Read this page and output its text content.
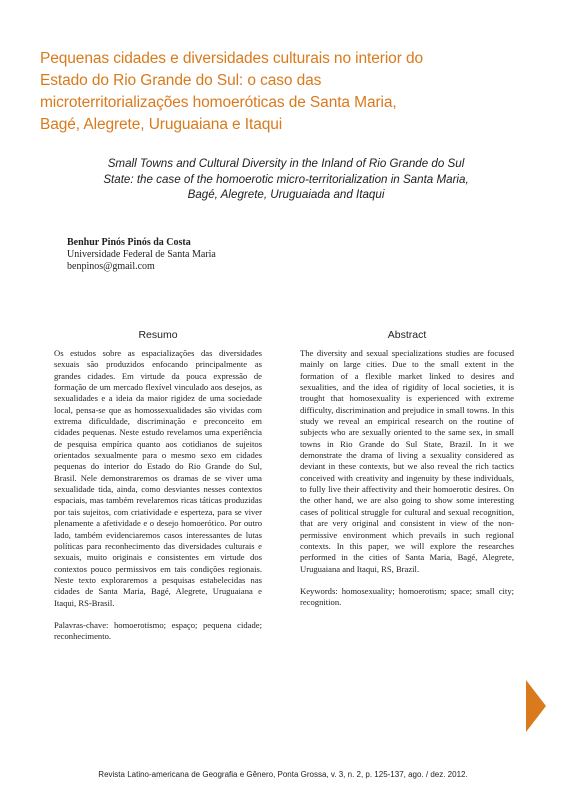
Pequenas cidades e diversidades culturais no interior do
Estado do Rio Grande do Sul: o caso das
microterritorializações homoeróticas de Santa Maria,
Bagé, Alegrete, Uruguaiana e Itaqui
Small Towns and Cultural Diversity in the Inland of Rio Grande do Sul
State: the case of the homoerotic micro-territorialization in Santa Maria,
Bagé, Alegrete, Uruguaiada and Itaqui
Benhur Pinós Pinós da Costa
Universidade Federal de Santa Maria
benpinos@gmail.com
Resumo

Os estudos sobre as espacializações das diversidades sexuais são produzidos enfocando principalmente as grandes cidades. Em virtude da pouca expressão de formação de um mercado flexível vinculado aos desejos, as sexualidades e a ideia da maior rigidez de uma sociedade local, pensa-se que as homossexualidades são vividas com extrema dificuldade, discriminação e preconceito em cidades pequenas. Neste estudo revelamos uma experiência de pesquisa empírica quanto aos cotidianos de sujeitos orientados sexualmente para o mesmo sexo em cidades pequenas do interior do Estado do Rio Grande do Sul, Brasil. Nele demonstraremos os dramas de se viver uma sexualidade tida, ainda, como desviantes nesses contextos espaciais, mas também revelaremos ricas táticas produzidas por tais sujeitos, com criatividade e esperteza, para se viver plenamente a afetividade e o desejo homoerótico. Por outro lado, também evidenciaremos casos interessantes de lutas políticas para reconhecimento das diversidades culturais e sexuais, muito originais e consistentes em virtude dos contextos pouco permissivos em tais condições regionais. Neste texto exploraremos a pesquisas estabelecidas nas cidades de Santa Maria, Bagé, Alegrete, Uruguaiana e Itaqui, RS-Brasil.

Palavras-chave: homoerotismo; espaço; pequena cidade; reconhecimento.

Abstract

The diversity and sexual specializations studies are focused mainly on large cities. Due to the small extent in the formation of a flexible market linked to desires and sexualities, and the idea of rigidity of local societies, it is trought that homosexuality is experienced with extreme difficulty, discrimination and prejudice in small towns. In this study we reveal an empirical research on the routine of subjects who are sexually oriented to the same sex, in small towns in Rio Grande do Sul State, Brazil. In it we demonstrate the drama of living a sexuality considered as deviant in these contexts, but we also reveal the rich tactics conceived with creativity and ingenuity by these individuals, to fully live their affectivity and their homoerotic desires. On the other hand, we are also going to show some interesting cases of political struggle for cultural and sexual recognition, that are very original and consistent in view of the non-permissive environment which prevails in such regional contexts. In this paper, we will explore the researches performed in the cities of Santa Maria, Bagé, Alegrete, Uruguaiana and Itaqui, RS, Brazil.

Keywords: homosexuality; homoerotism; space; small city; recognition.

Revista Latino-americana de Geografia e Gênero, Ponta Grossa, v. 3, n. 2, p. 125-137, ago. / dez. 2012.
